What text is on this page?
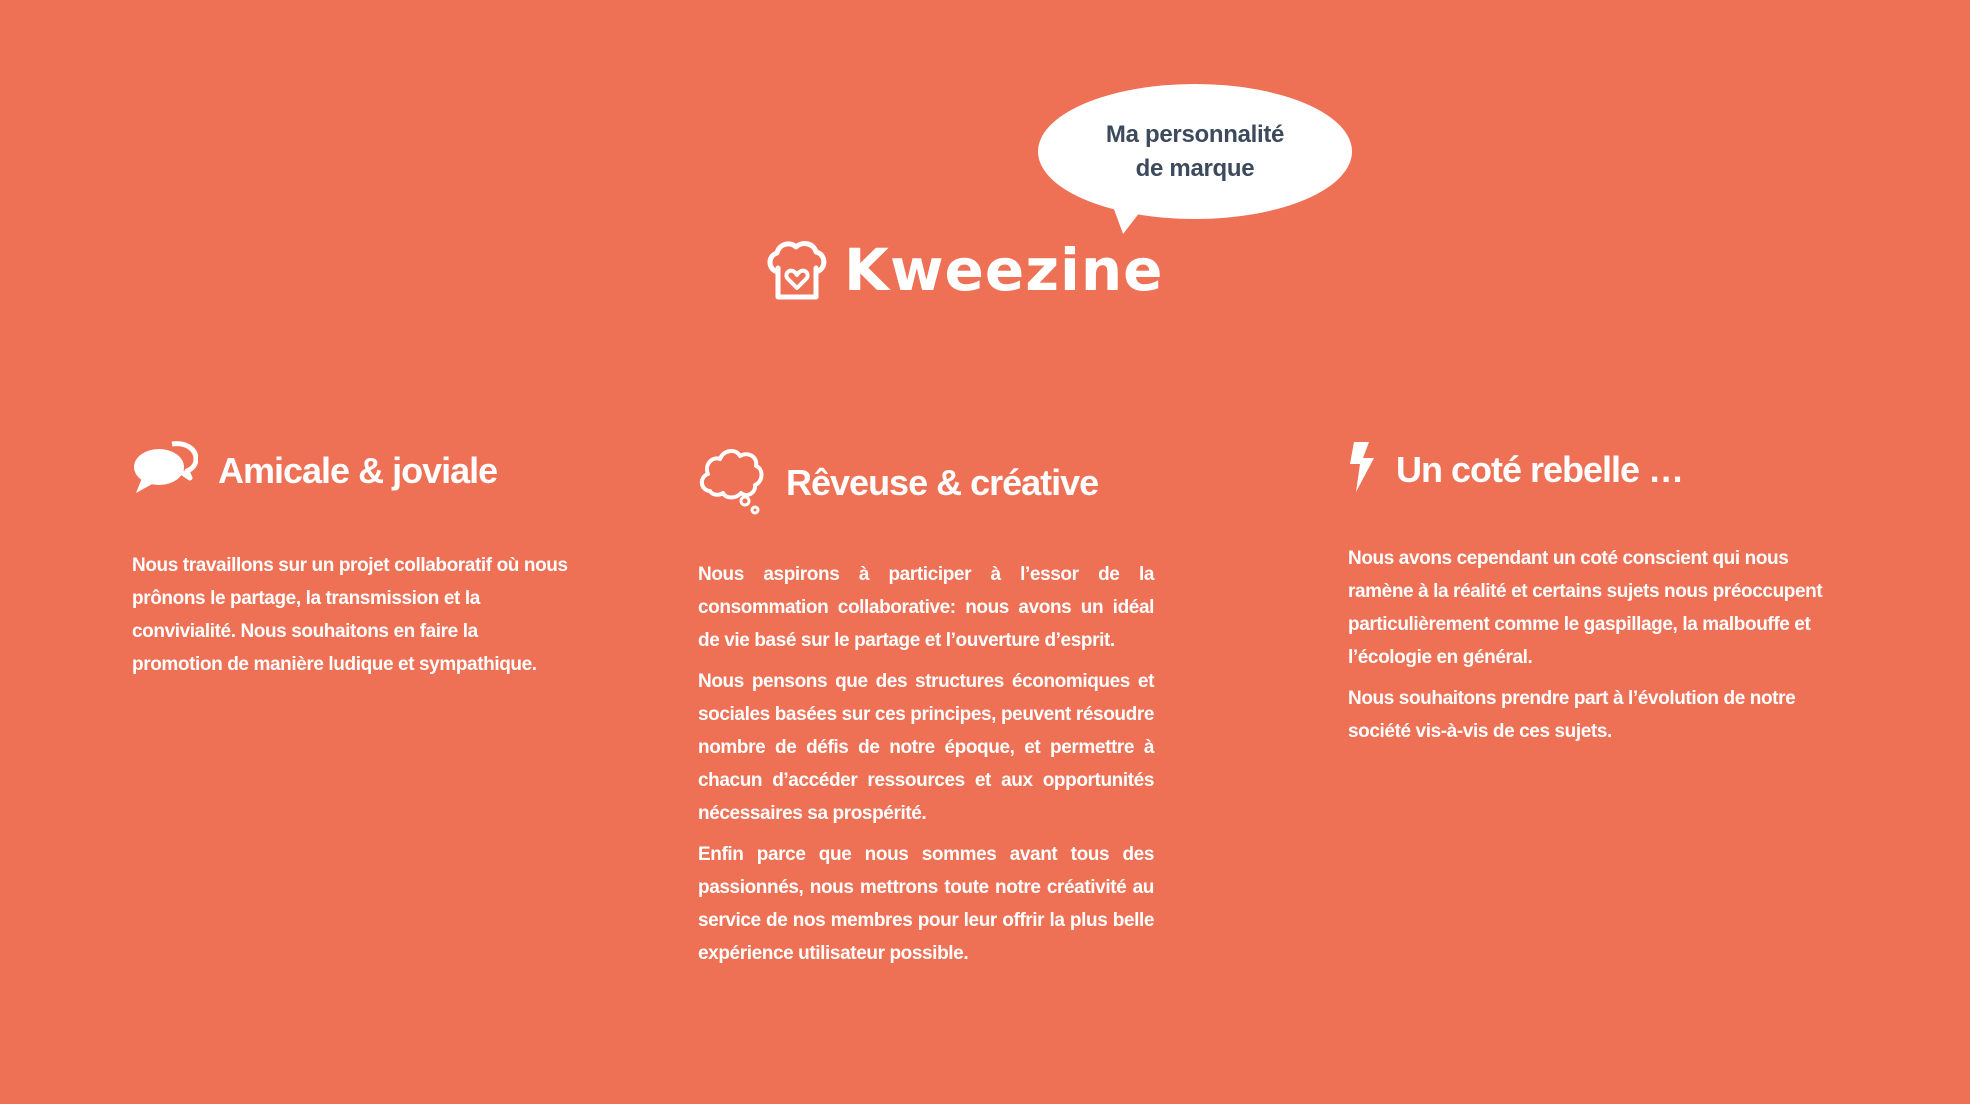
Ma personnalité
de marque
Kweezine
Amicale & joviale

Nous travaillons sur un projet collaboratif où nous prônons le partage, la transmission et la convivialité. Nous souhaitons en faire la promotion de manière ludique et sympathique.

Rêveuse & créative

Nous aspirons à participer à l’essor de la consommation collaborative: nous avons un idéal de vie basé sur le partage et l’ouverture d’esprit.

Nous pensons que des structures économiques et sociales basées sur ces principes, peuvent résoudre nombre de défis de notre époque, et permettre à chacun d’accéder ressources et aux opportunités nécessaires sa prospérité.

Enfin parce que nous sommes avant tous des passionnés, nous mettrons toute notre créativité au service de nos membres pour leur offrir la plus belle expérience utilisateur possible.

Un coté rebelle …

Nous avons cependant un coté conscient qui nous ramène à la réalité et certains sujets nous préoccupent particulièrement comme le gaspillage, la malbouffe et l’écologie en général.

Nous souhaitons prendre part à l’évolution de notre société vis-à-vis de ces sujets.
